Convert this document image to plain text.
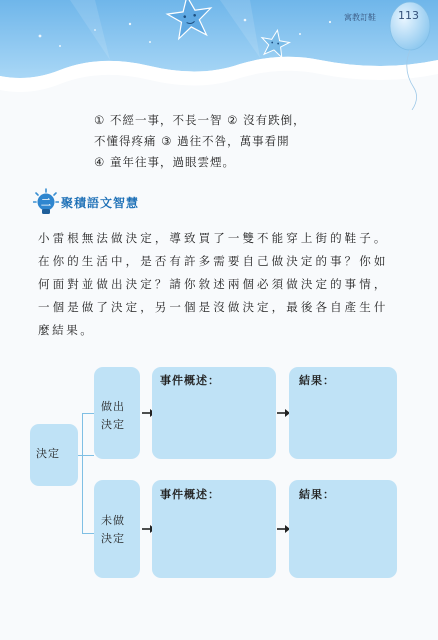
寓教訂鞋 113
① 不經一事，不長一智 ② 沒有跌倒，
不懂得疼痛 ③ 過往不咎，萬事看開
④ 童年往事，過眼雲煙。
二 聚積語文智慧
小雷根無法做決定，導致買了一雙不能穿上街的鞋子。在你的生活中，是否有許多需要自己做決定的事？你如何面對並做出決定？請你敘述兩個必須做決定的事情，一個是做了決定，另一個是沒做決定，最後各自產生什麼結果。
決定
做出
決定
事件概述：	結果：
未做
決定
事件概述：	結果：
